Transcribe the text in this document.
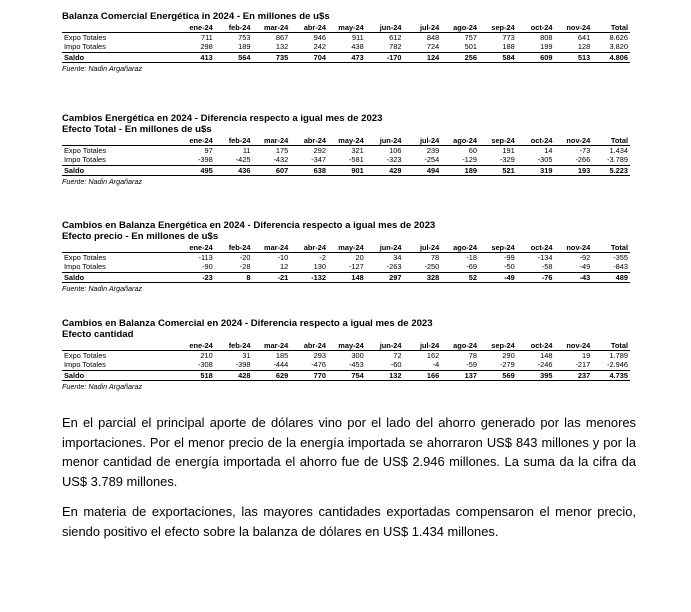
Balanza Comercial Energética in 2024 - En millones de u$s
	ene-24	feb-24	mar-24	abr-24	may-24	jun-24	jul-24	ago-24	sep-24	oct-24	nov-24	Total
Expo Totales	711	753	867	946	911	612	848	757	773	808	641	8.626
Impo Totales	298	189	132	242	438	782	724	501	188	199	128	3.820
Saldo	413	564	735	704	473	-170	124	256	584	609	513	4.806
Fuente: Nadin Argañaraz
Cambios Energética en 2024 - Diferencia respecto a igual mes de 2023
Efecto Total - En millones de u$s
	ene-24	feb-24	mar-24	abr-24	may-24	jun-24	jul-24	ago-24	sep-24	oct-24	nov-24	Total
Expo Totales	97	11	175	292	321	106	239	60	191	14	-73	1.434
Impo Totales	-398	-425	-432	-347	-581	-323	-254	-129	-329	-305	-266	-3.789
Saldo	495	436	607	638	901	429	494	189	521	319	193	5.223
Fuente: Nadin Argañaraz
Cambios en Balanza Energética en 2024 - Diferencia respecto a igual mes de 2023
Efecto precio - En millones de u$s
	ene-24	feb-24	mar-24	abr-24	may-24	jun-24	jul-24	ago-24	sep-24	oct-24	nov-24	Total
Expo Totales	-113	-20	-10	-2	20	34	78	-18	-99	-134	-92	-355
Impo Totales	-90	-28	12	130	-127	-263	-250	-69	-50	-58	-49	-843
Saldo	-23	8	-21	-132	148	297	328	52	-49	-76	-43	489
Fuente: Nadin Argañaraz
Cambios en Balanza Comercial en 2024 - Diferencia respecto a igual mes de 2023
Efecto cantidad
	ene-24	feb-24	mar-24	abr-24	may-24	jun-24	jul-24	ago-24	sep-24	oct-24	nov-24	Total
Expo Totales	210	31	185	293	300	72	162	78	290	148	19	1.789
Impo Totales	-308	-398	-444	-476	-453	-60	-4	-59	-279	-246	-217	-2.946
Saldo	518	428	629	770	754	132	166	137	569	395	237	4.735
Fuente: Nadin Argañaraz
En el parcial el principal aporte de dólares vino por el lado del ahorro generado por las menores importaciones. Por el menor precio de la energía importada se ahorraron US$ 843 millones y por la menor cantidad de energía importada el ahorro fue de US$ 2.946 millones. La suma da la cifra da US$ 3.789 millones.
En materia de exportaciones, las mayores cantidades exportadas compensaron el menor precio, siendo positivo el efecto sobre la balanza de dólares en US$ 1.434 millones.
